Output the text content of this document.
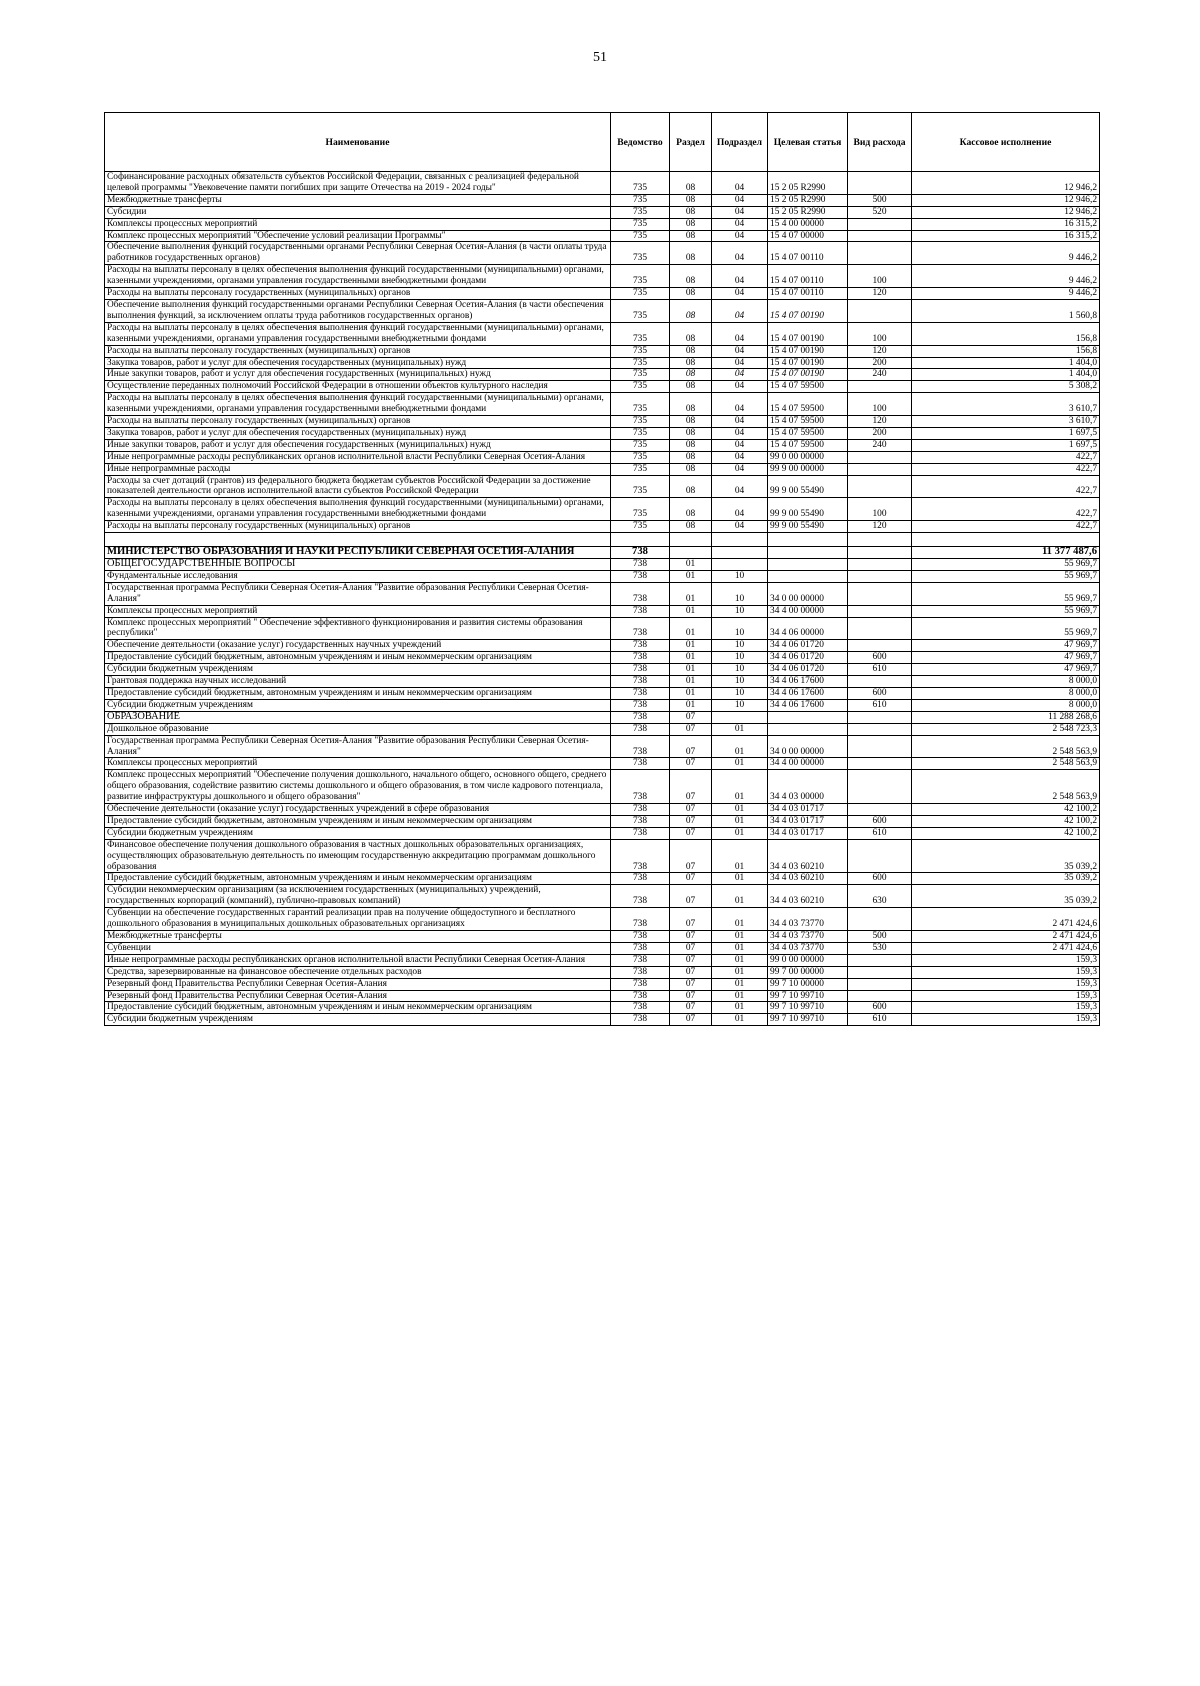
51
Наименование	Ведомство	Раздел	Подраздел	Целевая статья	Вид расхода	Кассовое исполнение
Софинансирование расходных обязательств субъектов Российской Федерации, связанных с реализацией федеральной целевой программы "Увековечение памяти погибших при защите Отечества на 2019 - 2024 годы"	735	08	04	15 2 05 R2990		12 946,2
Межбюджетные трансферты	735	08	04	15 2 05 R2990	500	12 946,2
Субсидии	735	08	04	15 2 05 R2990	520	12 946,2
Комплексы процессных мероприятий	735	08	04	15 4 00 00000		16 315,2
Комплекс процессных мероприятий "Обеспечение условий реализации Программы"	735	08	04	15 4 07 00000		16 315,2
Обеспечение выполнения функций государственными органами Республики Северная Осетия-Алания (в части оплаты труда работников государственных органов)	735	08	04	15 4 07 00110		9 446,2
Расходы на выплаты персоналу в целях обеспечения выполнения функций государственными (муниципальными) органами, казенными учреждениями, органами управления государственными внебюджетными фондами	735	08	04	15 4 07 00110	100	9 446,2
Расходы на выплаты персоналу государственных (муниципальных) органов	735	08	04	15 4 07 00110	120	9 446,2
Обеспечение выполнения функций государственными органами Республики Северная Осетия-Алания (в части обеспечения выполнения функций, за исключением оплаты труда работников государственных органов)	735	08	04	15 4 07 00190		1 560,8
Расходы на выплаты персоналу в целях обеспечения выполнения функций государственными (муниципальными) органами, казенными учреждениями, органами управления государственными внебюджетными фондами	735	08	04	15 4 07 00190	100	156,8
Расходы на выплаты персоналу государственных (муниципальных) органов	735	08	04	15 4 07 00190	120	156,8
Закупка товаров, работ и услуг для обеспечения государственных (муниципальных) нужд	735	08	04	15 4 07 00190	200	1 404,0
Иные закупки товаров, работ и услуг для обеспечения государственных (муниципальных) нужд	735	08	04	15 4 07 00190	240	1 404,0
Осуществление переданных полномочий Российской Федерации в отношении объектов культурного наследия	735	08	04	15 4 07 59500		5 308,2
Расходы на выплаты персоналу в целях обеспечения выполнения функций государственными (муниципальными) органами, казенными учреждениями, органами управления государственными внебюджетными фондами	735	08	04	15 4 07 59500	100	3 610,7
Расходы на выплаты персоналу государственных (муниципальных) органов	735	08	04	15 4 07 59500	120	3 610,7
Закупка товаров, работ и услуг для обеспечения государственных (муниципальных) нужд	735	08	04	15 4 07 59500	200	1 697,5
Иные закупки товаров, работ и услуг для обеспечения государственных (муниципальных) нужд	735	08	04	15 4 07 59500	240	1 697,5
Иные непрограммные расходы республиканских органов исполнительной власти Республики Северная Осетия-Алания	735	08	04	99 0 00 00000		422,7
Иные непрограммные расходы	735	08	04	99 9 00 00000		422,7
Расходы за счет дотаций (грантов) из федерального бюджета бюджетам субъектов Российской Федерации за достижение показателей деятельности органов исполнительной власти субъектов Российской Федерации	735	08	04	99 9 00 55490		422,7
Расходы на выплаты персоналу в целях обеспечения выполнения функций государственными (муниципальными) органами, казенными учреждениями, органами управления государственными внебюджетными фондами	735	08	04	99 9 00 55490	100	422,7
Расходы на выплаты персоналу государственных (муниципальных) органов	735	08	04	99 9 00 55490	120	422,7

МИНИСТЕРСТВО ОБРАЗОВАНИЯ И НАУКИ РЕСПУБЛИКИ СЕВЕРНАЯ ОСЕТИЯ-АЛАНИЯ	738					11 377 487,6
ОБЩЕГОСУДАРСТВЕННЫЕ ВОПРОСЫ	738	01				55 969,7
Фундаментальные исследования	738	01	10			55 969,7
Государственная программа Республики Северная Осетия-Алания "Развитие образования Республики Северная Осетия-Алания"	738	01	10	34 0 00 00000		55 969,7
Комплексы процессных мероприятий	738	01	10	34 4 00 00000		55 969,7
Комплекс процессных мероприятий " Обеспечение эффективного функционирования и развития системы образования республики"	738	01	10	34 4 06 00000		55 969,7
Обеспечение деятельности (оказание услуг) государственных научных учреждений	738	01	10	34 4 06 01720		47 969,7
Предоставление субсидий бюджетным, автономным учреждениям и иным некоммерческим организациям	738	01	10	34 4 06 01720	600	47 969,7
Субсидии бюджетным учреждениям	738	01	10	34 4 06 01720	610	47 969,7
Грантовая поддержка научных исследований	738	01	10	34 4 06 17600		8 000,0
Предоставление субсидий бюджетным, автономным учреждениям и иным некоммерческим организациям	738	01	10	34 4 06 17600	600	8 000,0
Субсидии бюджетным учреждениям	738	01	10	34 4 06 17600	610	8 000,0
ОБРАЗОВАНИЕ	738	07				11 288 268,6
Дошкольное образование	738	07	01			2 548 723,3
Государственная программа Республики Северная Осетия-Алания "Развитие образования Республики Северная Осетия-Алания"	738	07	01	34 0 00 00000		2 548 563,9
Комплексы процессных мероприятий	738	07	01	34 4 00 00000		2 548 563,9
Комплекс процессных мероприятий "Обеспечение получения дошкольного, начального общего, основного общего, среднего общего образования, содействие развитию системы дошкольного и общего образования, в том числе кадрового потенциала, развитие инфраструктуры дошкольного и общего образования"	738	07	01	34 4 03 00000		2 548 563,9
Обеспечение деятельности (оказание услуг) государственных учреждений в сфере образования	738	07	01	34 4 03 01717		42 100,2
Предоставление субсидий бюджетным, автономным учреждениям и иным некоммерческим организациям	738	07	01	34 4 03 01717	600	42 100,2
Субсидии бюджетным учреждениям	738	07	01	34 4 03 01717	610	42 100,2
Финансовое обеспечение получения дошкольного образования в частных дошкольных образовательных организациях, осуществляющих образовательную деятельность по имеющим государственную аккредитацию программам дошкольного образования	738	07	01	34 4 03 60210		35 039,2
Предоставление субсидий бюджетным, автономным учреждениям и иным некоммерческим организациям	738	07	01	34 4 03 60210	600	35 039,2
Субсидии некоммерческим организациям (за исключением государственных (муниципальных) учреждений, государственных корпораций (компаний), публично-правовых компаний)	738	07	01	34 4 03 60210	630	35 039,2
Субвенции на обеспечение государственных гарантий реализации прав на получение общедоступного и бесплатного дошкольного образования в муниципальных дошкольных образовательных организациях	738	07	01	34 4 03 73770		2 471 424,6
Межбюджетные трансферты	738	07	01	34 4 03 73770	500	2 471 424,6
Субвенции	738	07	01	34 4 03 73770	530	2 471 424,6
Иные непрограммные расходы республиканских органов исполнительной власти Республики Северная Осетия-Алания	738	07	01	99 0 00 00000		159,3
Средства, зарезервированные на финансовое обеспечение отдельных расходов	738	07	01	99 7 00 00000		159,3
Резервный фонд Правительства Республики Северная Осетия-Алания	738	07	01	99 7 10 00000		159,3
Резервный фонд Правительства Республики Северная Осетия-Алания	738	07	01	99 7 10 99710		159,3
Предоставление субсидий бюджетным, автономным учреждениям и иным некоммерческим организациям	738	07	01	99 7 10 99710	600	159,3
Субсидии бюджетным учреждениям	738	07	01	99 7 10 99710	610	159,3
